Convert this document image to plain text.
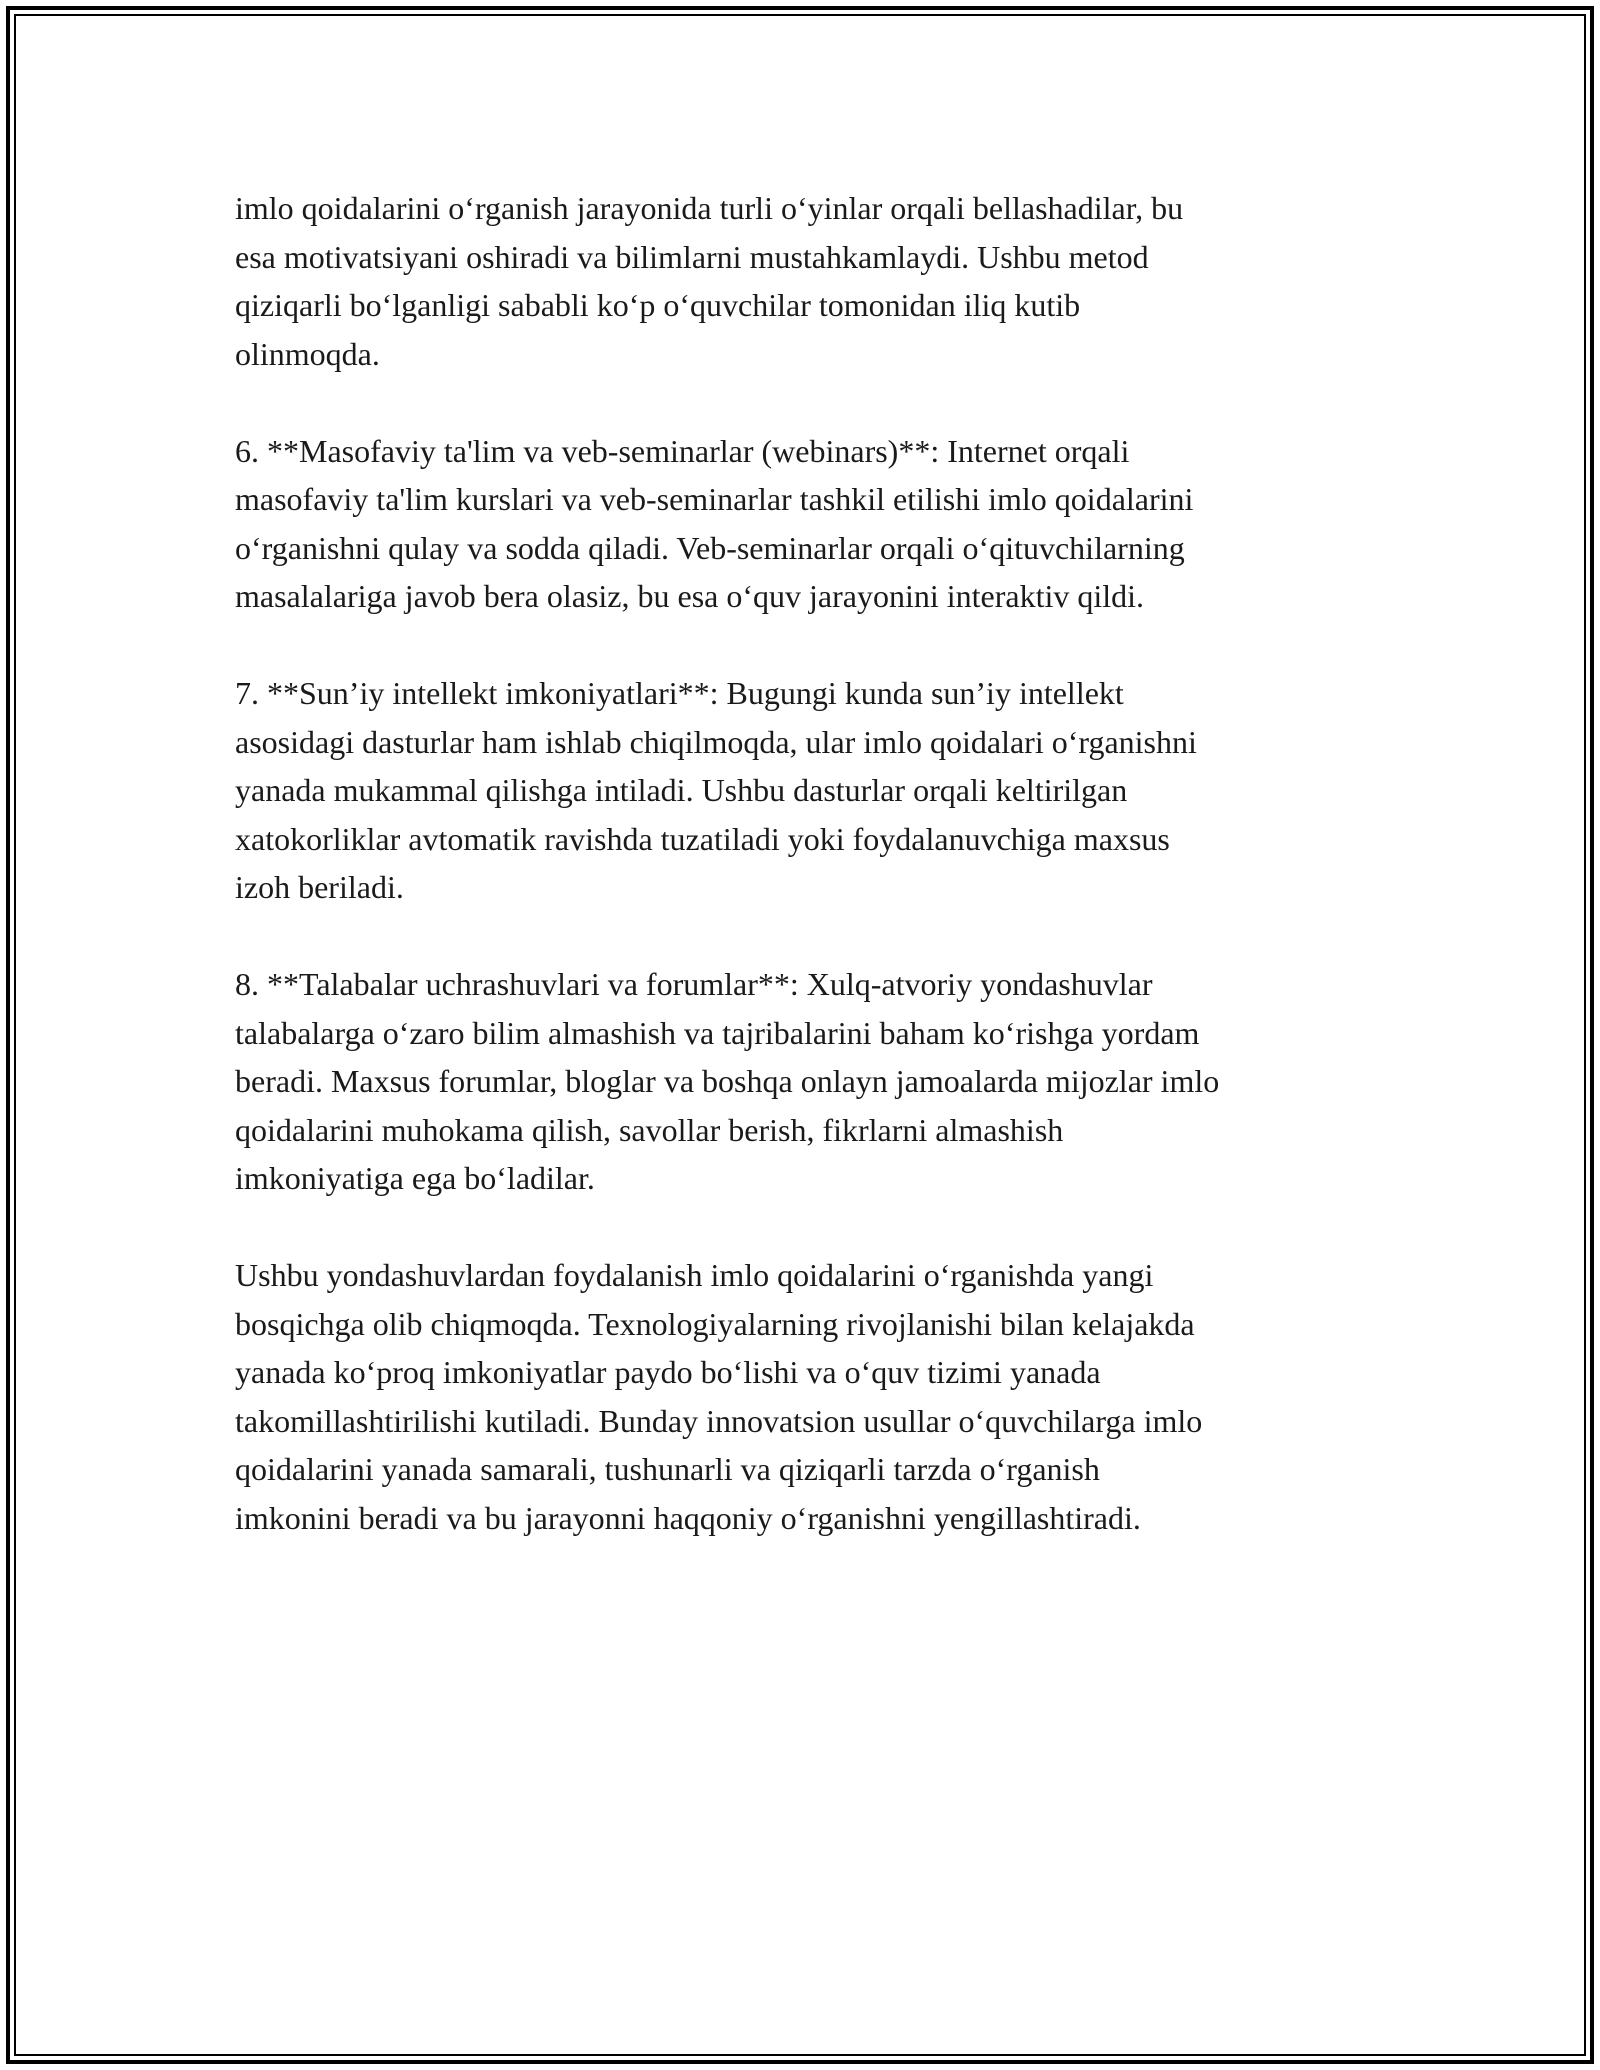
imlo qoidalarini o‘rganish jarayonida turli o‘yinlar orqali bellashadilar, bu
esa motivatsiyani oshiradi va bilimlarni mustahkamlaydi. Ushbu metod
qiziqarli bo‘lganligi sababli ko‘p o‘quvchilar tomonidan iliq kutib
olinmoqda.

6. **Masofaviy ta'lim va veb-seminarlar (webinars)**: Internet orqali
masofaviy ta'lim kurslari va veb-seminarlar tashkil etilishi imlo qoidalarini
o‘rganishni qulay va sodda qiladi. Veb-seminarlar orqali o‘qituvchilarning
masalalariga javob bera olasiz, bu esa o‘quv jarayonini interaktiv qildi.

7. **Sun’iy intellekt imkoniyatlari**: Bugungi kunda sun’iy intellekt
asosidagi dasturlar ham ishlab chiqilmoqda, ular imlo qoidalari o‘rganishni
yanada mukammal qilishga intiladi. Ushbu dasturlar orqali keltirilgan
xatokorliklar avtomatik ravishda tuzatiladi yoki foydalanuvchiga maxsus
izoh beriladi.

8. **Talabalar uchrashuvlari va forumlar**: Xulq-atvoriy yondashuvlar
talabalarga o‘zaro bilim almashish va tajribalarini baham ko‘rishga yordam
beradi. Maxsus forumlar, bloglar va boshqa onlayn jamoalarda mijozlar imlo
qoidalarini muhokama qilish, savollar berish, fikrlarni almashish
imkoniyatiga ega bo‘ladilar.

Ushbu yondashuvlardan foydalanish imlo qoidalarini o‘rganishda yangi
bosqichga olib chiqmoqda. Texnologiyalarning rivojlanishi bilan kelajakda
yanada ko‘proq imkoniyatlar paydo bo‘lishi va o‘quv tizimi yanada
takomillashtirilishi kutiladi. Bunday innovatsion usullar o‘quvchilarga imlo
qoidalarini yanada samarali, tushunarli va qiziqarli tarzda o‘rganish
imkonini beradi va bu jarayonni haqqoniy o‘rganishni yengillashtiradi.
